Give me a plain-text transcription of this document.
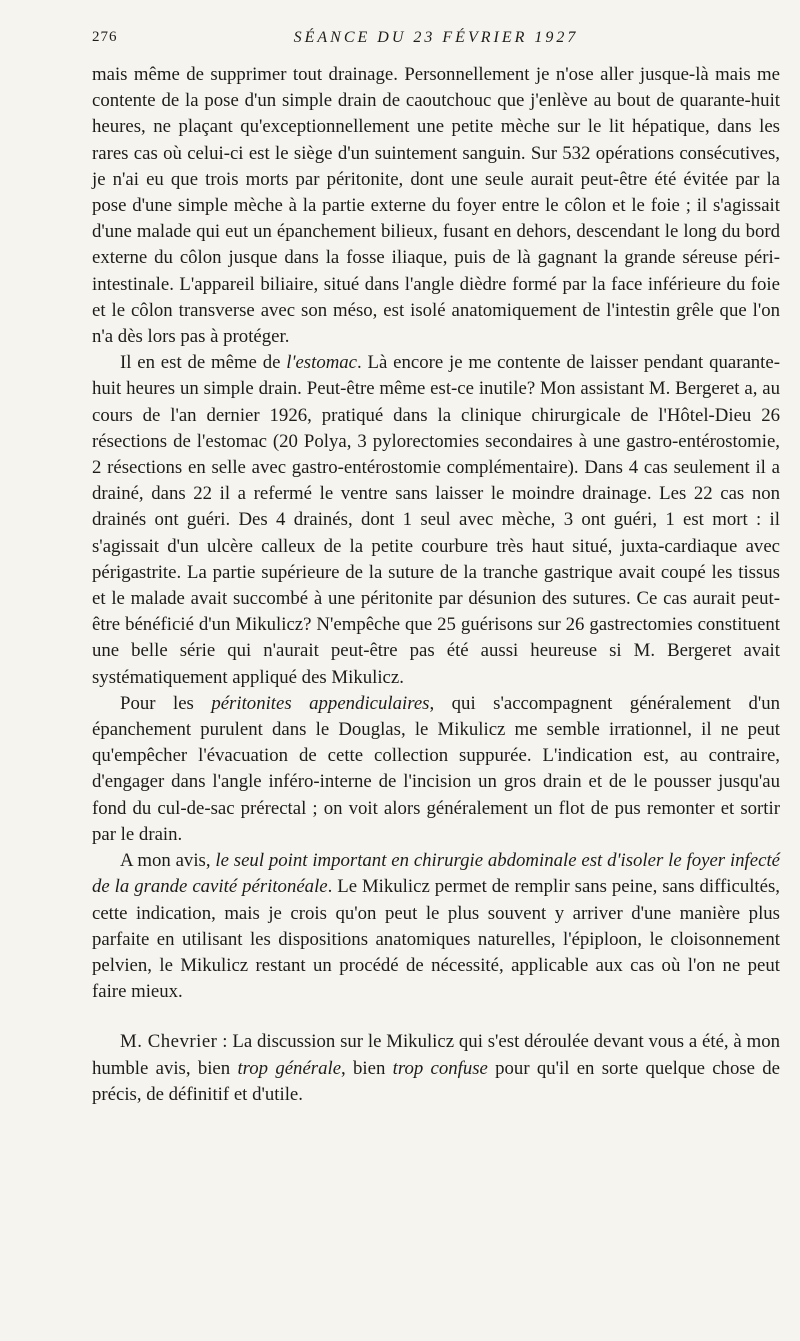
276	SÉANCE DU 23 FÉVRIER 1927

mais même de supprimer tout drainage. Personnellement je n'ose aller jusque-là mais me contente de la pose d'un simple drain de caoutchouc que j'enlève au bout de quarante-huit heures, ne plaçant qu'exceptionnellement une petite mèche sur le lit hépatique, dans les rares cas où celui-ci est le siège d'un suintement sanguin. Sur 532 opérations consécutives, je n'ai eu que trois morts par péritonite, dont une seule aurait peut-être été évitée par la pose d'une simple mèche à la partie externe du foyer entre le côlon et le foie ; il s'agissait d'une malade qui eut un épanchement bilieux, fusant en dehors, descendant le long du bord externe du côlon jusque dans la fosse iliaque, puis de là gagnant la grande séreuse péri-intestinale. L'appareil biliaire, situé dans l'angle dièdre formé par la face inférieure du foie et le côlon transverse avec son méso, est isolé anatomiquement de l'intestin grêle que l'on n'a dès lors pas à protéger.

Il en est de même de l'estomac. Là encore je me contente de laisser pendant quarante-huit heures un simple drain. Peut-être même est-ce inutile? Mon assistant M. Bergeret a, au cours de l'an dernier 1926, pratiqué dans la clinique chirurgicale de l'Hôtel-Dieu 26 résections de l'estomac (20 Polya, 3 pylorectomies secondaires à une gastro-entérostomie, 2 résections en selle avec gastro-entérostomie complémentaire). Dans 4 cas seulement il a drainé, dans 22 il a refermé le ventre sans laisser le moindre drainage. Les 22 cas non drainés ont guéri. Des 4 drainés, dont 1 seul avec mèche, 3 ont guéri, 1 est mort : il s'agissait d'un ulcère calleux de la petite courbure très haut situé, juxta-cardiaque avec périgastrite. La partie supérieure de la suture de la tranche gastrique avait coupé les tissus et le malade avait succombé à une péritonite par désunion des sutures. Ce cas aurait peut-être bénéficié d'un Mikulicz? N'empêche que 25 guérisons sur 26 gastrectomies constituent une belle série qui n'aurait peut-être pas été aussi heureuse si M. Bergeret avait systématiquement appliqué des Mikulicz.

Pour les péritonites appendiculaires, qui s'accompagnent généralement d'un épanchement purulent dans le Douglas, le Mikulicz me semble irrationnel, il ne peut qu'empêcher l'évacuation de cette collection suppurée. L'indication est, au contraire, d'engager dans l'angle inféro-interne de l'incision un gros drain et de le pousser jusqu'au fond du cul-de-sac prérectal ; on voit alors généralement un flot de pus remonter et sortir par le drain.

A mon avis, le seul point important en chirurgie abdominale est d'isoler le foyer infecté de la grande cavité péritonéale. Le Mikulicz permet de remplir sans peine, sans difficultés, cette indication, mais je crois qu'on peut le plus souvent y arriver d'une manière plus parfaite en utilisant les dispositions anatomiques naturelles, l'épiploon, le cloisonnement pelvien, le Mikulicz restant un procédé de nécessité, applicable aux cas où l'on ne peut faire mieux.

M. Chevrier : La discussion sur le Mikulicz qui s'est déroulée devant vous a été, à mon humble avis, bien trop générale, bien trop confuse pour qu'il en sorte quelque chose de précis, de définitif et d'utile.
